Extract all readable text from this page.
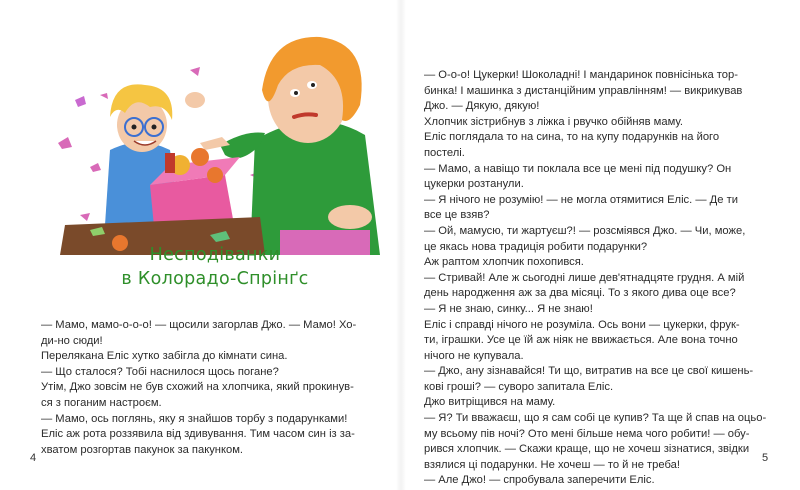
Несподіванки
в Колорадо-Спрінґс

— Мамо, мамо-о-о-о! — щосили загорлав Джо. — Мамо! Хо-

ди-но сюди!

Перелякана Еліс хутко забігла до кімнати сина.

— Що сталося? Тобі наснилося щось погане?

Утім, Джо зовсім не був схожий на хлопчика, який прокинув-

ся з поганим настроєм.

— Мамо, ось поглянь, яку я знайшов торбу з подарунками!

Еліс аж рота роззявила від здивування. Тим часом син із за-

хватом розгортав пакунок за пакунком.

— О-о-о! Цукерки! Шоколадні! І мандаринок повнісінька тор-

бинка! І машинка з дистанційним управлінням! — викрикував

Джо. — Дякую, дякую!

Хлопчик зістрибнув з ліжка і рвучко обійняв маму.

Еліс поглядала то на сина, то на купу подарунків на його

постелі.

— Мамо, а навіщо ти поклала все це мені під подушку? Он

цукерки розтанули.

— Я нічого не розумію! — не могла отямитися Еліс. — Де ти

все це взяв?

— Ой, мамусю, ти жартуєш?! — розсміявся Джо. — Чи, може,

це якась нова традиція робити подарунки?

Аж раптом хлопчик похопився.

— Стривай! Але ж сьогодні лише дев'ятнадцяте грудня. А мій

день народження аж за два місяці. То з якого дива оце все?

— Я не знаю, синку... Я не знаю!

Еліс і справді нічого не розуміла. Ось вони — цукерки, фрук-

ти, іграшки. Усе це їй аж ніяк не ввижається. Але вона точно

нічого не купувала.

— Джо, ану зізнавайся! Ти що, витратив на все це свої кишень-

кові гроші? — суворо запитала Еліс.

Джо витріщився на маму.

— Я? Ти вважаєш, що я сам собі це купив? Та ще й спав на оцьо-

му всьому пів ночі? Ото мені більше нема чого робити! — обу-

рився хлопчик. — Скажи краще, що не хочеш зізнатися, звідки

взялися ці подарунки. Не хочеш — то й не треба!

— Але Джо! — спробувала заперечити Еліс.

4	5
